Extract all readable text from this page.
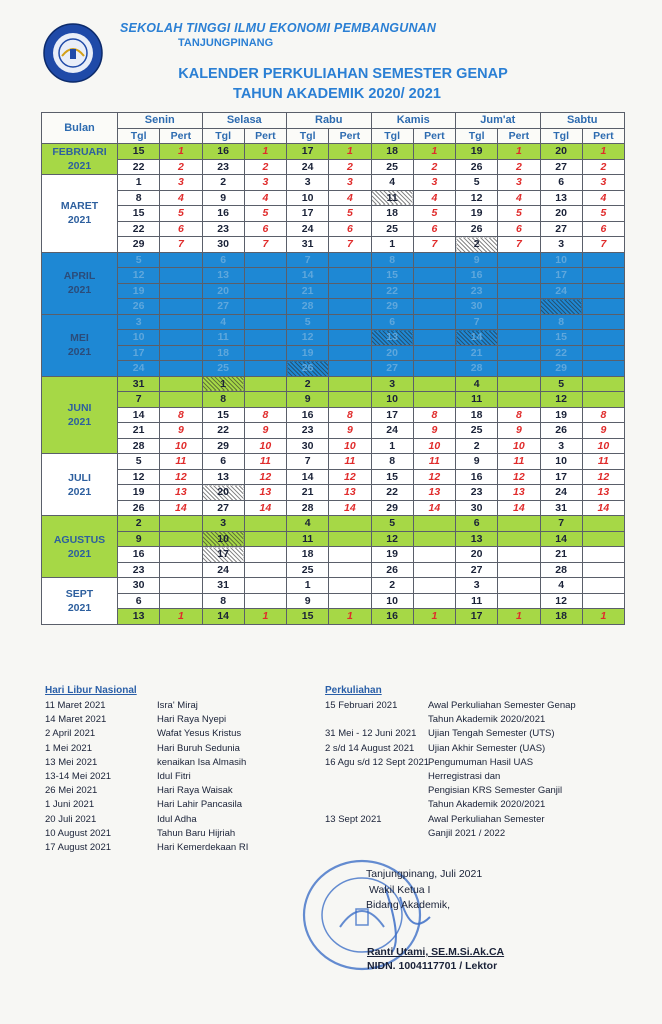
SEKOLAH TINGGI ILMU EKONOMI PEMBANGUNAN
TANJUNGPINANG
KALENDER PERKULIAHAN SEMESTER GENAP
TAHUN AKADEMIK 2020/ 2021
Bulan	Senin		Selasa		Rabu		Kamis		Jum'at		Sabtu	
	Tgl	Pert	Tgl	Pert	Tgl	Pert	Tgl	Pert	Tgl	Pert	Tgl	Pert

FEBRUARI
2021	15	1	16	1	17	1	18	1	19	1	20	1
	22	2	23	2	24	2	25	2	26	2	27	2

MARET
2021	1	3	2	3	3	3	4	3	5	3	6	3
	8	4	9	4	10	4	11	4	12	4	13	4
	15	5	16	5	17	5	18	5	19	5	20	5
	22	6	23	6	24	6	25	6	26	6	27	6
	29	7	30	7	31	7	1	7	2	7	3	7

APRIL
2021	5		6		7		8		9		10	
	12		13		14		15		16		17	
	19		20		21		22		23		24	
	26		27		28		29		30			

MEI
2021	3		4		5		6		7		8	
	10		11		12		13		14		15	
	17		18		19		20		21		22	
	24		25		26		27		28		29	

JUNI
2021	31		1		2		3		4		5	
	7		8		9		10		11		12	
	14	8	15	8	16	8	17	8	18	8	19	8
	21	9	22	9	23	9	24	9	25	9	26	9
	28	10	29	10	30	10	1	10	2	10	3	10

JULI
2021	5	11	6	11	7	11	8	11	9	11	10	11
	12	12	13	12	14	12	15	12	16	12	17	12
	19	13	20	13	21	13	22	13	23	13	24	13
	26	14	27	14	28	14	29	14	30	14	31	14

AGUSTUS
2021	2		3		4		5		6		7	
	9		10		11		12		13		14	
	16		17		18		19		20		21	
	23		24		25		26		27		28	

SEPT
2021	30		31		1		2		3		4	
	6		8		9		10		11		12	
	13	1	14	1	15	1	16	1	17	1	18	1
Hari Libur Nasional
11 Maret 2021	Isra' Miraj
14 Maret 2021	Hari Raya Nyepi
2 April 2021	Wafat Yesus Kristus
1 Mei 2021	Hari Buruh Sedunia
13 Mei 2021	kenaikan Isa Almasih
13-14 Mei 2021	Idul Fitri
26 Mei 2021	Hari Raya Waisak
1 Juni 2021	Hari Lahir Pancasila
20 Juli 2021	Idul Adha
10 August 2021	Tahun Baru Hijriah
17 August 2021	Hari Kemerdekaan RI
Perkuliahan
15 Februari 2021	Awal Perkuliahan Semester Genap
Tahun Akademik 2020/2021
31 Mei - 12 Juni 2021	Ujian Tengah Semester (UTS)
2 s/d 14 August 2021	Ujian Akhir Semester (UAS)
16 Agu s/d 12 Sept 2021
Pengumuman Hasil UAS
Herregistrasi dan
Pengisian KRS Semester Ganjil
Tahun Akademik 2020/2021
13 Sept 2021	Awal Perkuliahan Semester
Ganjil 2021 / 2022
Tanjungpinang, Juli 2021
Wakil Ketua I
Bidang Akademik,
Ranti Utami, SE.M.Si.Ak.CA
NIDN. 1004117701 / Lektor
